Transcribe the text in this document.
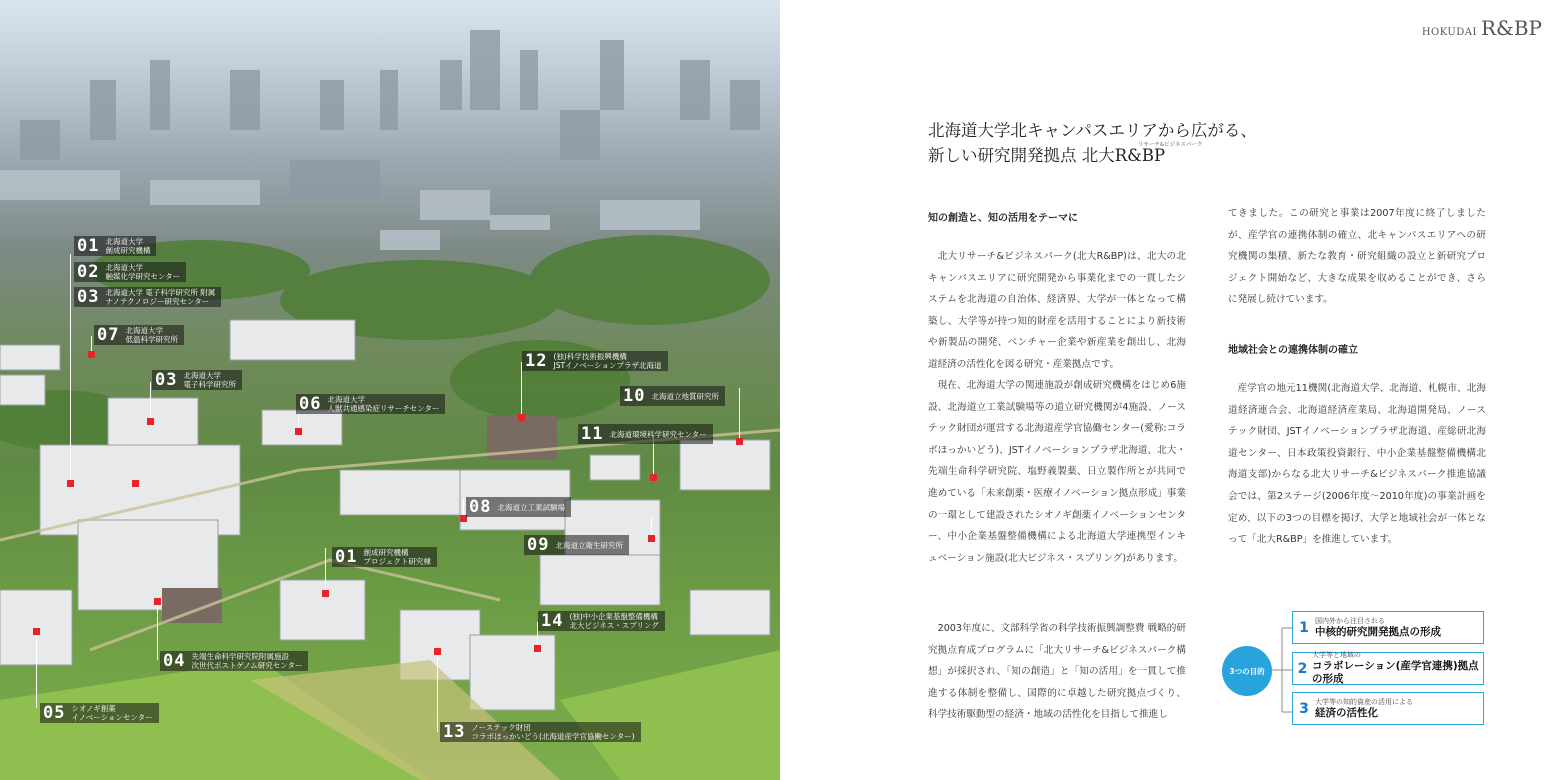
01 北海道大学
創成研究機構
02 北海道大学
触媒化学研究センター
03 北海道大学 電子科学研究所 附属
ナノテクノロジー研究センター
07 北海道大学
低温科学研究所
03 北海道大学
電子科学研究所
06 北海道大学
人獣共通感染症リサーチセンター
12 (独)科学技術振興機構
JSTイノベーションプラザ北海道
10 北海道立地質研究所
11 北海道環境科学研究センター
08 北海道立工業試験場
09 北海道立衛生研究所
01 創成研究機構
プロジェクト研究棟
14 (独)中小企業基盤整備機構
北大ビジネス・スプリング
04 先端生命科学研究院附属施設
次世代ポストゲノム研究センター
05 シオノギ創薬
イノベーションセンター
13 ノーステック財団
コラボほっかいどう(北海道産学官協働センター)
HOKUDAI R&BP
北海道大学北キャンパスエリアから広がる、
新しい研究開発拠点 北大R&BP
リサーチ&ビジネスパーク
知の創造と、知の活用をテーマに

北大リサーチ&ビジネスパーク(北大R&BP)は、北大の北キャンパスエリアに研究開発から事業化までの一貫したシステムを北海道の自治体、経済界、大学が一体となって構築し、大学等が持つ知的財産を活用することにより新技術や新製品の開発、ベンチャー企業や新産業を創出し、北海道経済の活性化を図る研究・産業拠点です。

現在、北海道大学の関連施設が創成研究機構をはじめ6施設、北海道立工業試験場等の道立研究機関が4施設、ノーステック財団が運営する北海道産学官協働センター(愛称:コラボほっかいどう)、JSTイノベーションプラザ北海道、北大・先端生命科学研究院、塩野義製薬、日立製作所とが共同で進めている「未来創薬・医療イノベーション拠点形成」事業の一環として建設されたシオノギ創薬イノベーションセンター、中小企業基盤整備機構による北海道大学連携型インキュベーション施設(北大ビジネス・スプリング)があります。

2003年度に、文部科学省の科学技術振興調整費 戦略的研究拠点育成プログラムに「北大リサーチ&ビジネスパーク構想」が採択され、「知の創造」と「知の活用」を一貫して推進する体制を整備し、国際的に卓越した研究拠点づくり、科学技術駆動型の経済・地域の活性化を目指して推進し

てきました。この研究と事業は2007年度に終了しましたが、産学官の連携体制の確立、北キャンパスエリアへの研究機関の集積、新たな教育・研究組織の設立と新研究プロジェクト開始など、大きな成果を収めることができ、さらに発展し続けています。

地域社会との連携体制の確立

産学官の地元11機関(北海道大学、北海道、札幌市、北海道経済連合会、北海道経済産業局、北海道開発局、ノーステック財団、JSTイノベーションプラザ北海道、産総研北海道センター、日本政策投資銀行、中小企業基盤整備機構北海道支部)からなる北大リサーチ&ビジネスパーク推進協議会では、第2ステージ(2006年度〜2010年度)の事業計画を定め、以下の3つの目標を掲げ、大学と地域社会が一体となって「北大R&BP」を推進しています。

3つの目的
1 国内外から注目される
中核的研究開発拠点の形成
2
大学等と地域の
コラボレーション(産学官連携)拠点の形成
3 大学等の知的資産の活用による
経済の活性化
